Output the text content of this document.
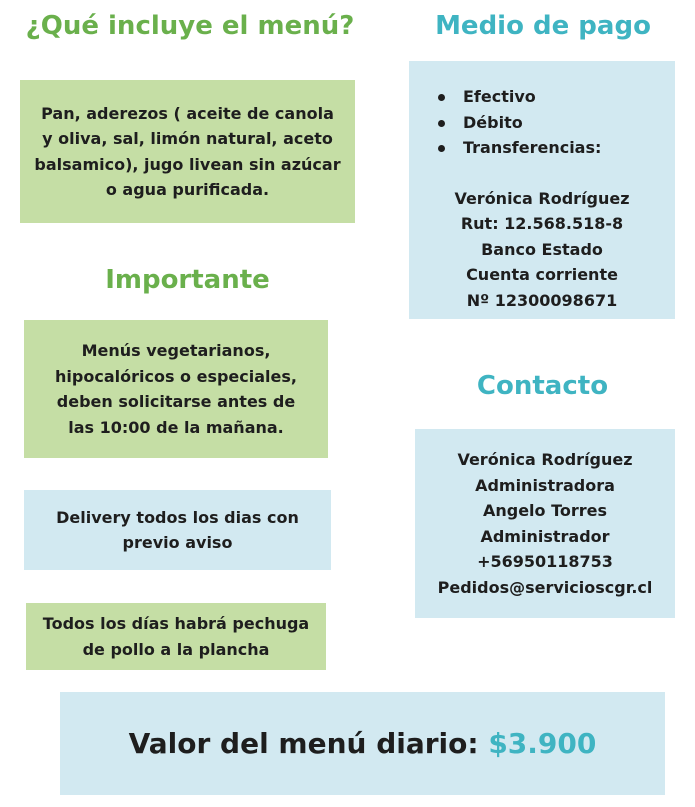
¿Qué incluye el menú?
Pan, aderezos ( aceite de canola y oliva, sal, limón natural, aceto balsamico), jugo livean sin azúcar o agua purificada.
Importante
Menús vegetarianos, hipocalóricos o especiales, deben solicitarse antes de las 10:00 de la mañana.
Delivery todos los dias con previo aviso
Todos los días habrá pechuga de pollo a la plancha
Medio de pago
Efectivo
Débito
Transferencias:
Verónica Rodríguez
Rut: 12.568.518-8
Banco Estado
Cuenta corriente
Nº 12300098671
Contacto
Verónica Rodríguez
Administradora
Angelo Torres
Administrador
+56950118753
Pedidos@servicioscgr.cl
Valor del menú diario: $3.900
